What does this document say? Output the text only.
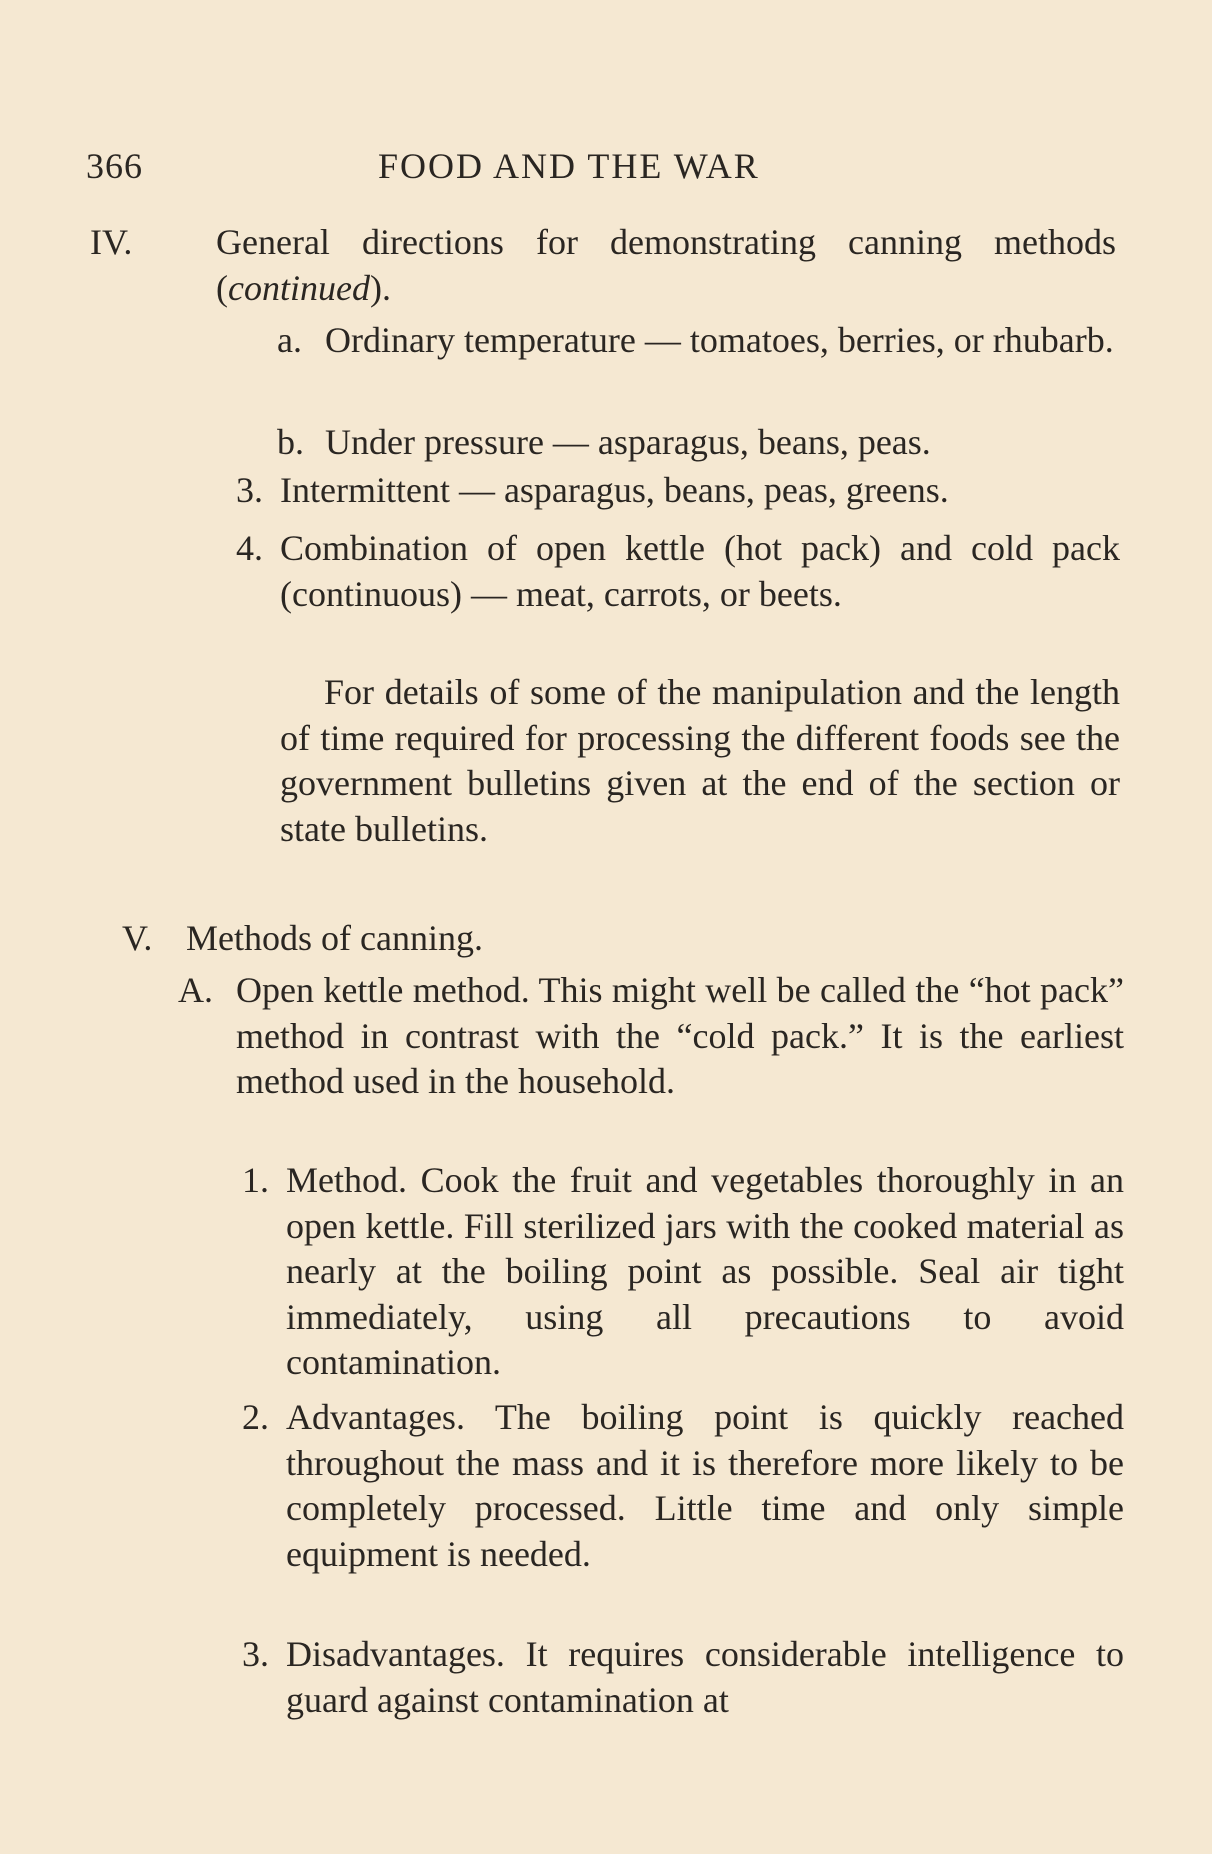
366	FOOD AND THE WAR
IV. General directions for demonstrating canning methods (continued).

a. Ordinary temperature — tomatoes, berries, or rhubarb.

b. Under pressure — asparagus, beans, peas.

3. Intermittent — asparagus, beans, peas, greens.

4. Combination of open kettle (hot pack) and cold pack (continuous) — meat, carrots, or beets.

For details of some of the manipulation and the length of time required for processing the different foods see the government bulletins given at the end of the section or state bulletins.

V. Methods of canning.

A. Open kettle method. This might well be called the “hot pack” method in contrast with the “cold pack.” It is the earliest method used in the household.

1. Method. Cook the fruit and vegetables thoroughly in an open kettle. Fill sterilized jars with the cooked material as nearly at the boiling point as possible. Seal air tight immediately, using all precautions to avoid contamination.

2. Advantages. The boiling point is quickly reached throughout the mass and it is therefore more likely to be completely processed. Little time and only simple equipment is needed.

3. Disadvantages. It requires considerable intelligence to guard against contamination at
